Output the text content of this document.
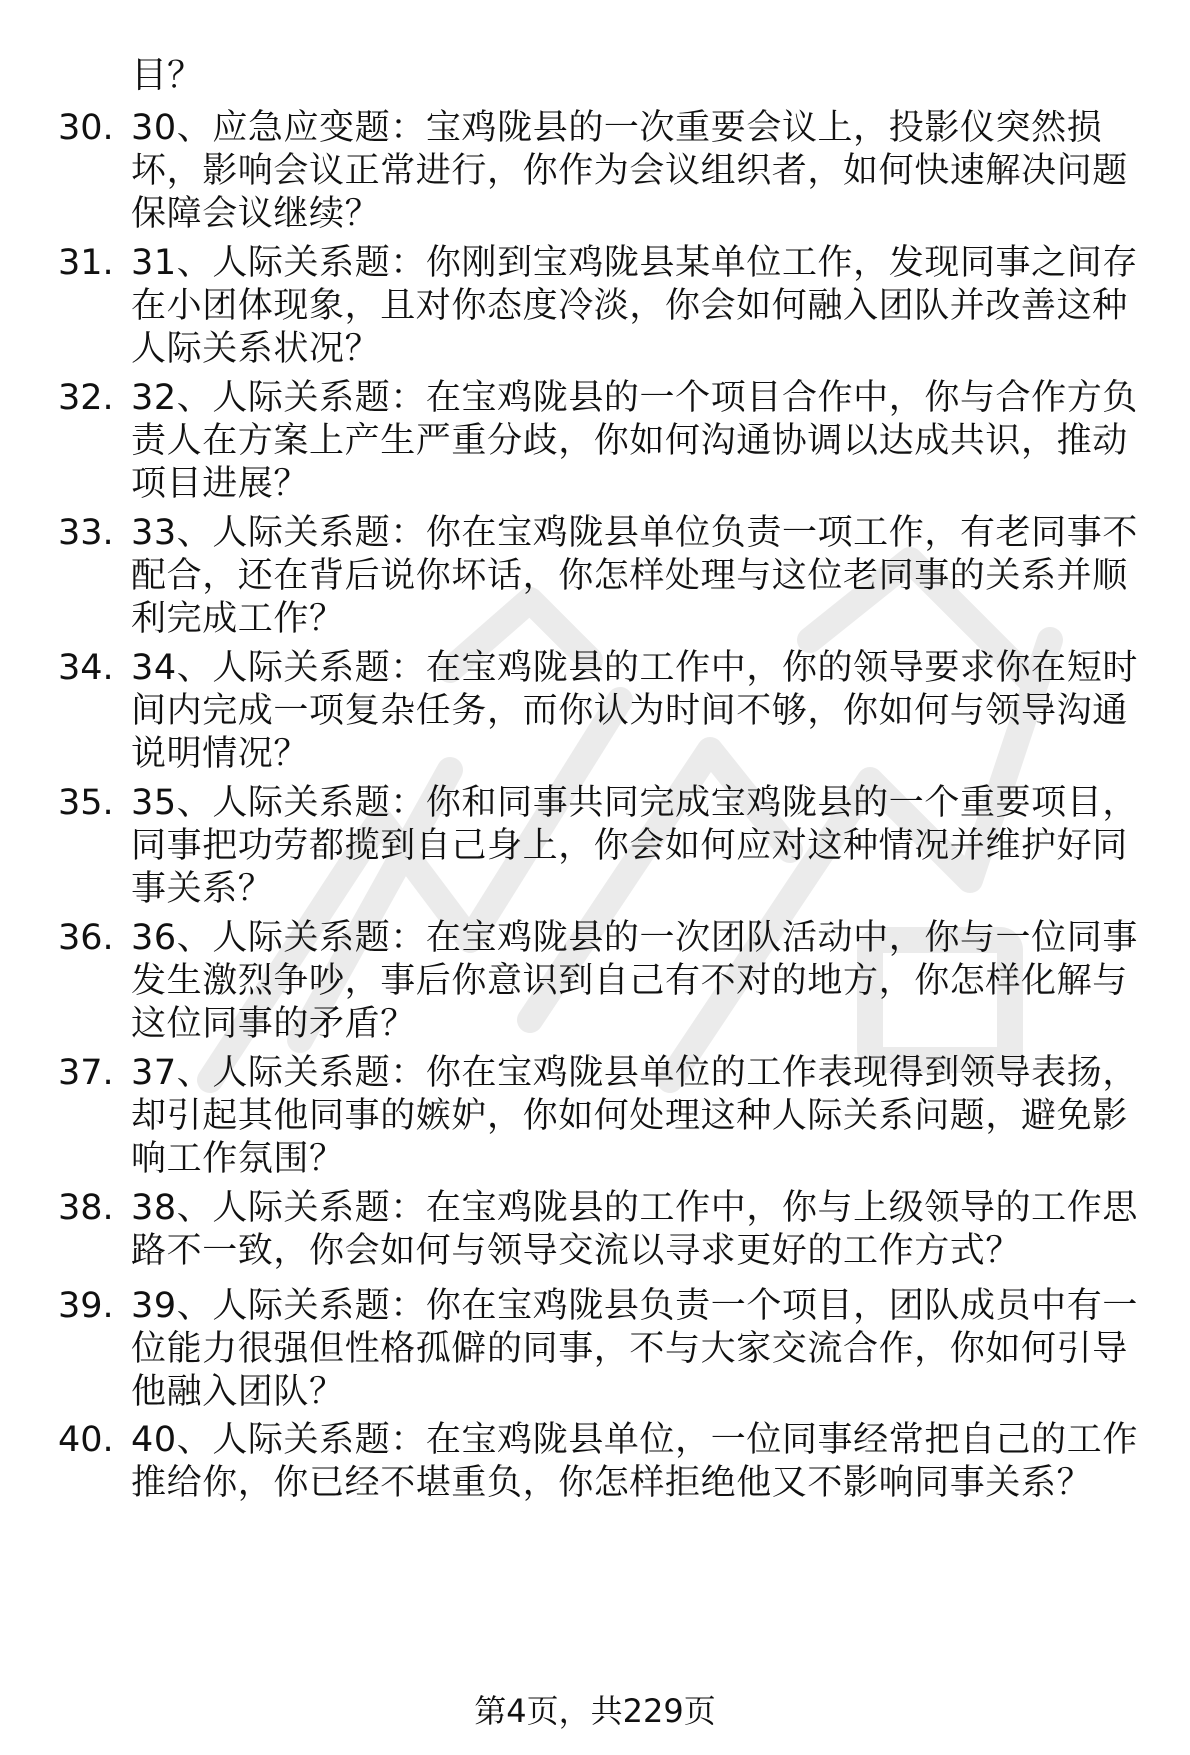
目？
30. 30、应急应变题：宝鸡陇县的一次重要会议上，投影仪突然损
坏，影响会议正常进行，你作为会议组织者，如何快速解决问题
保障会议继续？
31. 31、人际关系题：你刚到宝鸡陇县某单位工作，发现同事之间存
在小团体现象，且对你态度冷淡，你会如何融入团队并改善这种
人际关系状况？
32. 32、人际关系题：在宝鸡陇县的一个项目合作中，你与合作方负
责人在方案上产生严重分歧，你如何沟通协调以达成共识，推动
项目进展？
33. 33、人际关系题：你在宝鸡陇县单位负责一项工作，有老同事不
配合，还在背后说你坏话，你怎样处理与这位老同事的关系并顺
利完成工作？
34. 34、人际关系题：在宝鸡陇县的工作中，你的领导要求你在短时
间内完成一项复杂任务，而你认为时间不够，你如何与领导沟通
说明情况？
35. 35、人际关系题：你和同事共同完成宝鸡陇县的一个重要项目，
同事把功劳都揽到自己身上，你会如何应对这种情况并维护好同
事关系？
36. 36、人际关系题：在宝鸡陇县的一次团队活动中，你与一位同事
发生激烈争吵，事后你意识到自己有不对的地方，你怎样化解与
这位同事的矛盾？
37. 37、人际关系题：你在宝鸡陇县单位的工作表现得到领导表扬，
却引起其他同事的嫉妒，你如何处理这种人际关系问题，避免影
响工作氛围？
38. 38、人际关系题：在宝鸡陇县的工作中，你与上级领导的工作思
路不一致，你会如何与领导交流以寻求更好的工作方式？
39. 39、人际关系题：你在宝鸡陇县负责一个项目，团队成员中有一
位能力很强但性格孤僻的同事，不与大家交流合作，你如何引导
他融入团队？
40. 40、人际关系题：在宝鸡陇县单位，一位同事经常把自己的工作
推给你，你已经不堪重负，你怎样拒绝他又不影响同事关系？
第4页，共229页
